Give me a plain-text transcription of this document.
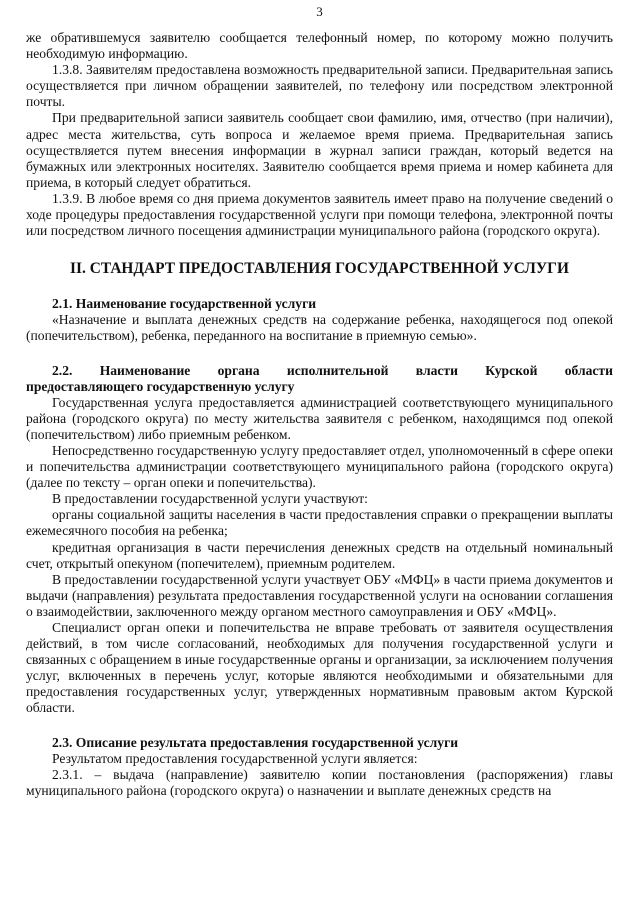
3

же обратившемуся заявителю сообщается телефонный номер, по которому можно получить необходимую информацию.

1.3.8. Заявителям предоставлена возможность предварительной записи. Предварительная запись осуществляется при личном обращении заявителей, по телефону или посредством электронной почты.

При предварительной записи заявитель сообщает свои фамилию, имя, отчество (при наличии), адрес места жительства, суть вопроса и желаемое время приема. Предварительная запись осуществляется путем внесения информации в журнал записи граждан, который ведется на бумажных или электронных носителях. Заявителю сообщается время приема и номер кабинета для приема, в который следует обратиться.

1.3.9. В любое время со дня приема документов заявитель имеет право на получение сведений о ходе процедуры предоставления государственной услуги при помощи телефона, электронной почты или посредством личного посещения администрации муниципального района (городского округа).

II. СТАНДАРТ ПРЕДОСТАВЛЕНИЯ ГОСУДАРСТВЕННОЙ УСЛУГИ

2.1. Наименование государственной услуги

«Назначение и выплата денежных средств на содержание ребенка, находящегося под опекой (попечительством), ребенка, переданного на воспитание в приемную семью».

2.2. Наименование органа исполнительной власти Курской области
предоставляющего государственную услугу

Государственная услуга предоставляется администрацией соответствующего муниципального района (городского округа) по месту жительства заявителя с ребенком, находящимся под опекой (попечительством) либо приемным ребенком.

Непосредственно государственную услугу предоставляет отдел, уполномоченный в сфере опеки и попечительства администрации соответствующего муниципального района (городского округа) (далее по тексту – орган опеки и попечительства).

В предоставлении государственной услуги участвуют:

органы социальной защиты населения в части предоставления справки о прекращении выплаты ежемесячного пособия на ребенка;

кредитная организация в части перечисления денежных средств на отдельный номинальный счет, открытый опекуном (попечителем), приемным родителем.

В предоставлении государственной услуги участвует ОБУ «МФЦ» в части приема документов и выдачи (направления) результата предоставления государственной услуги на основании соглашения о взаимодействии, заключенного между органом местного самоуправления и ОБУ «МФЦ».

Специалист орган опеки и попечительства не вправе требовать от заявителя осуществления действий, в том числе согласований, необходимых для получения государственной услуги и связанных с обращением в иные государственные органы и организации, за исключением получения услуг, включенных в перечень услуг, которые являются необходимыми и обязательными для предоставления государственных услуг, утвержденных нормативным правовым актом Курской области.

2.3. Описание результата предоставления государственной услуги

Результатом предоставления государственной услуги является:

2.3.1. – выдача (направление) заявителю копии постановления (распоряжения) главы муниципального района (городского округа) о назначении и выплате денежных средств на
